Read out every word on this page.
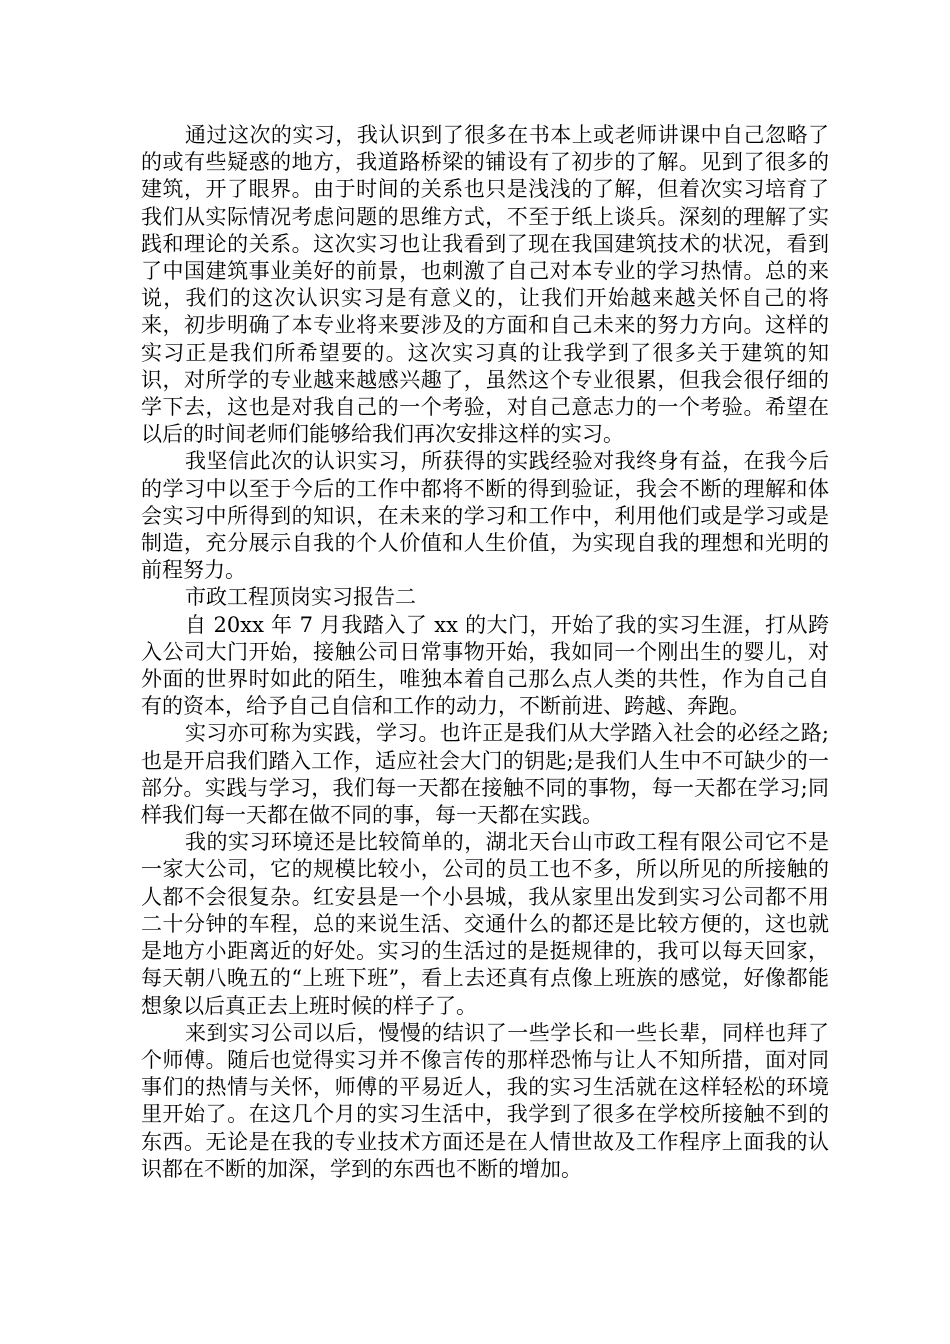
通过这次的实习，我认识到了很多在书本上或老师讲课中自己忽略了的或有些疑惑的地方，我道路桥梁的铺设有了初步的了解。见到了很多的建筑，开了眼界。由于时间的关系也只是浅浅的了解，但着次实习培育了我们从实际情况考虑问题的思维方式，不至于纸上谈兵。深刻的理解了实践和理论的关系。这次实习也让我看到了现在我国建筑技术的状况，看到了中国建筑事业美好的前景，也刺激了自己对本专业的学习热情。总的来说，我们的这次认识实习是有意义的，让我们开始越来越关怀自己的将来，初步明确了本专业将来要涉及的方面和自己未来的努力方向。这样的实习正是我们所希望要的。这次实习真的让我学到了很多关于建筑的知识，对所学的专业越来越感兴趣了，虽然这个专业很累，但我会很仔细的学下去，这也是对我自己的一个考验，对自己意志力的一个考验。希望在以后的时间老师们能够给我们再次安排这样的实习。

我坚信此次的认识实习，所获得的实践经验对我终身有益，在我今后的学习中以至于今后的工作中都将不断的得到验证，我会不断的理解和体会实习中所得到的知识，在未来的学习和工作中，利用他们或是学习或是制造，充分展示自我的个人价值和人生价值，为实现自我的理想和光明的前程努力。

市政工程顶岗实习报告二

自 20xx 年 7 月我踏入了 xx 的大门，开始了我的实习生涯，打从跨入公司大门开始，接触公司日常事物开始，我如同一个刚出生的婴儿，对外面的世界时如此的陌生，唯独本着自己那么点人类的共性，作为自己自有的资本，给予自己自信和工作的动力，不断前进、跨越、奔跑。

实习亦可称为实践，学习。也许正是我们从大学踏入社会的必经之路;也是开启我们踏入工作，适应社会大门的钥匙;是我们人生中不可缺少的一部分。实践与学习，我们每一天都在接触不同的事物，每一天都在学习;同样我们每一天都在做不同的事，每一天都在实践。

我的实习环境还是比较简单的，湖北天台山市政工程有限公司它不是一家大公司，它的规模比较小，公司的员工也不多，所以所见的所接触的人都不会很复杂。红安县是一个小县城，我从家里出发到实习公司都不用二十分钟的车程，总的来说生活、交通什么的都还是比较方便的，这也就是地方小距离近的好处。实习的生活过的是挺规律的，我可以每天回家，每天朝八晚五的“上班下班”，看上去还真有点像上班族的感觉，好像都能想象以后真正去上班时候的样子了。

来到实习公司以后，慢慢的结识了一些学长和一些长辈，同样也拜了个师傅。随后也觉得实习并不像言传的那样恐怖与让人不知所措，面对同事们的热情与关怀，师傅的平易近人，我的实习生活就在这样轻松的环境里开始了。在这几个月的实习生活中，我学到了很多在学校所接触不到的东西。无论是在我的专业技术方面还是在人情世故及工作程序上面我的认识都在不断的加深，学到的东西也不断的增加。
